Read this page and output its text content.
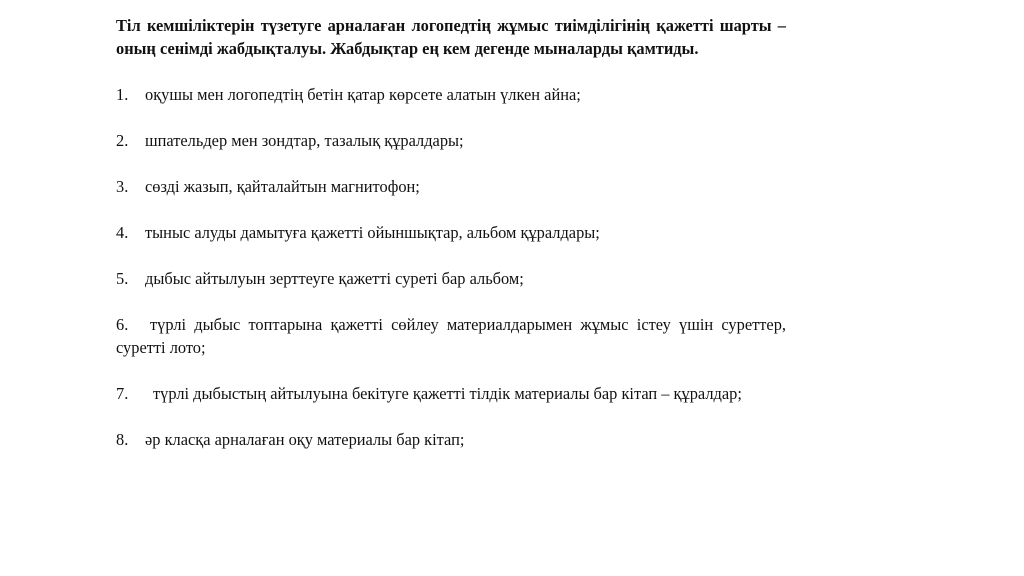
Тіл кемшіліктерін түзетуге арналаған логопедтің жұмыс тиімділігінің қажетті шарты – оның сенімді жабдықталуы. Жабдықтар ең кем дегенде мыналарды қамтиды.

1. оқушы мен логопедтің бетін қатар көрсете алатын үлкен айна;
2. шпательдер мен зондтар, тазалық құралдары;
3. сөзді жазып, қайталайтын магнитофон;
4. тыныс алуды дамытуға қажетті ойыншықтар, альбом құралдары;
5. дыбыс айтылуын зерттеуге қажетті суреті бар альбом;
6. түрлі дыбыс топтарына қажетті сөйлеу материалдарымен жұмыс істеу үшін суреттер, суретті лото;
7. түрлі дыбыстың айтылуына бекітуге қажетті тілдік материалы бар кітап – құралдар;
8. әр класқа арналаған оқу материалы бар кітап;
